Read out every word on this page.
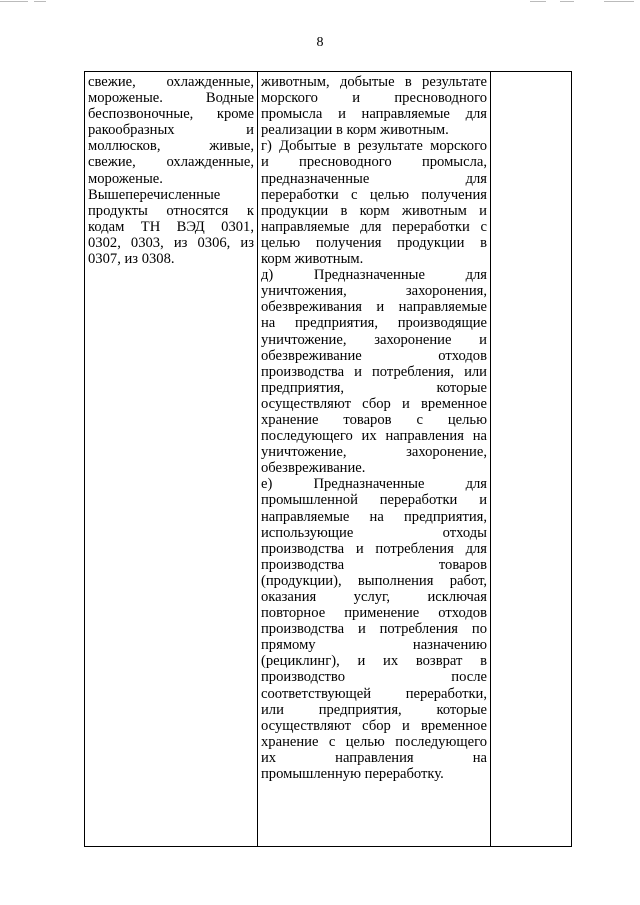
8
свежие, охлажденные,
мороженые. Водные
беспозвоночные, кроме
ракообразных и
моллюсков, живые,
свежие, охлажденные,
мороженые.
Вышеперечисленные
продукты относятся к
кодам ТН ВЭД 0301,
0302, 0303, из 0306, из
0307, из 0308.

животным, добытые в результате
морского и пресноводного
промысла и направляемые для
реализации в корм животным.
г) Добытые в результате морского
и пресноводного промысла,
предназначенные для
переработки с целью получения
продукции в корм животным и
направляемые для переработки с
целью получения продукции в
корм животным.
д) Предназначенные для
уничтожения, захоронения,
обезвреживания и направляемые
на предприятия, производящие
уничтожение, захоронение и
обезвреживание отходов
производства и потребления, или
предприятия, которые
осуществляют сбор и временное
хранение товаров с целью
последующего их направления на
уничтожение, захоронение,
обезвреживание.
е) Предназначенные для
промышленной переработки и
направляемые на предприятия,
использующие отходы
производства и потребления для
производства товаров
(продукции), выполнения работ,
оказания услуг, исключая
повторное применение отходов
производства и потребления по
прямому назначению
(рециклинг), и их возврат в
производство после
соответствующей переработки,
или предприятия, которые
осуществляют сбор и временное
хранение с целью последующего
их направления на
промышленную переработку.
